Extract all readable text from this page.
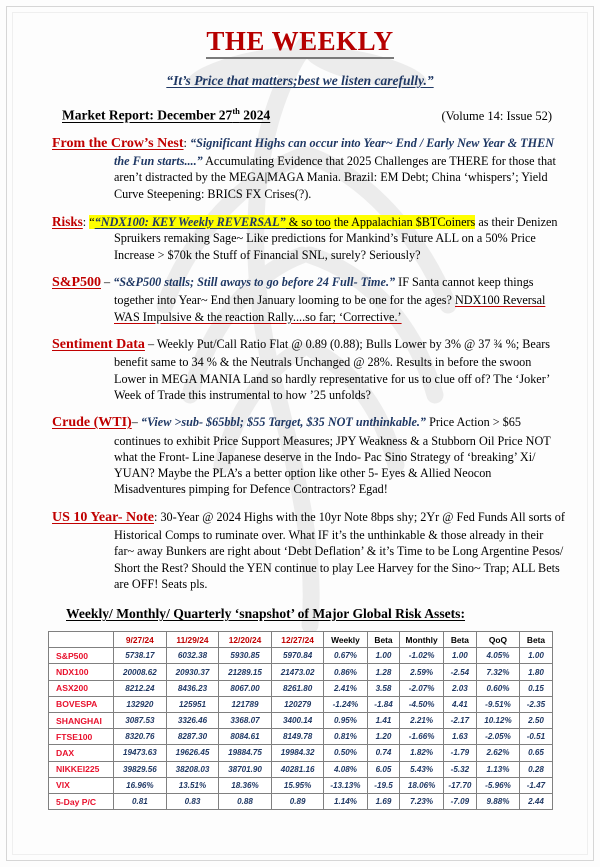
THE WEEKLY
“It’s Price that matters;best we listen carefully.”
Market Report: December 27th 2024	(Volume 14: Issue 52)

From the Crow’s Nest: “Significant Highs can occur into Year~ End / Early New Year & THEN the Fun starts....” Accumulating Evidence that 2025 Challenges are THERE for those that aren’t distracted by the MEGA|MAGA Mania. Brazil: EM Debt; China ‘whispers’; Yield Curve Steepening: BRICS FX Crises(?).

Risks: ““NDX100: KEY Weekly REVERSAL” & so too the Appalachian $BTCoiners as their Denizen Spruikers remaking Sage~ Like predictions for Mankind’s Future ALL on a 50% Price Increase > $70k the Stuff of Financial SNL, surely? Seriously?

S&P500 – “S&P500 stalls; Still aways to go before 24 Full- Time.” IF Santa cannot keep things together into Year~ End then January looming to be one for the ages? NDX100 Reversal WAS Impulsive & the reaction Rally....so far; ‘Corrective.’

Sentiment Data – Weekly Put/Call Ratio Flat @ 0.89 (0.88); Bulls Lower by 3% @ 37 ¾ %; Bears benefit same to 34 % & the Neutrals Unchanged @ 28%. Results in before the swoon Lower in MEGA MANIA Land so hardly representative for us to clue off of? The ‘Joker’ Week of Trade this instrumental to how ’25 unfolds?

Crude (WTI)– “View >sub- $65bbl; $55 Target, $35 NOT unthinkable.” Price Action > $65 continues to exhibit Price Support Measures; JPY Weakness & a Stubborn Oil Price NOT what the Front- Line Japanese deserve in the Indo- Pac Sino Strategy of ‘breaking’ Xi/ YUAN? Maybe the PLA’s a better option like other 5- Eyes & Allied Neocon Misadventures pimping for Defence Contractors? Egad!

US 10 Year- Note: 30-Year @ 2024 Highs with the 10yr Note 8bps shy; 2Yr @ Fed Funds All sorts of Historical Comps to ruminate over. What IF it’s the unthinkable & those already in their far~ away Bunkers are right about ‘Debt Deflation’ & it’s Time to be Long Argentine Pesos/ Short the Rest? Should the YEN continue to play Lee Harvey for the Sino~ Trap; ALL Bets are OFF! Seats pls.

Weekly/ Monthly/ Quarterly ‘snapshot’ of Major Global Risk Assets:
	9/27/24	11/29/24	12/20/24	12/27/24	Weekly	Beta	Monthly	Beta	QoQ	Beta
S&P500	5738.17	6032.38	5930.85	5970.84	0.67%	1.00	-1.02%	1.00	4.05%	1.00
NDX100	20008.62	20930.37	21289.15	21473.02	0.86%	1.28	2.59%	-2.54	7.32%	1.80
ASX200	8212.24	8436.23	8067.00	8261.80	2.41%	3.58	-2.07%	2.03	0.60%	0.15
BOVESPA	132920	125951	121789	120279	-1.24%	-1.84	-4.50%	4.41	-9.51%	-2.35
SHANGHAI	3087.53	3326.46	3368.07	3400.14	0.95%	1.41	2.21%	-2.17	10.12%	2.50
FTSE100	8320.76	8287.30	8084.61	8149.78	0.81%	1.20	-1.66%	1.63	-2.05%	-0.51
DAX	19473.63	19626.45	19884.75	19984.32	0.50%	0.74	1.82%	-1.79	2.62%	0.65
NIKKEI225	39829.56	38208.03	38701.90	40281.16	4.08%	6.05	5.43%	-5.32	1.13%	0.28
VIX	16.96%	13.51%	18.36%	15.95%	-13.13%	-19.5	18.06%	-17.70	-5.96%	-1.47
5-Day P/C	0.81	0.83	0.88	0.89	1.14%	1.69	7.23%	-7.09	9.88%	2.44
